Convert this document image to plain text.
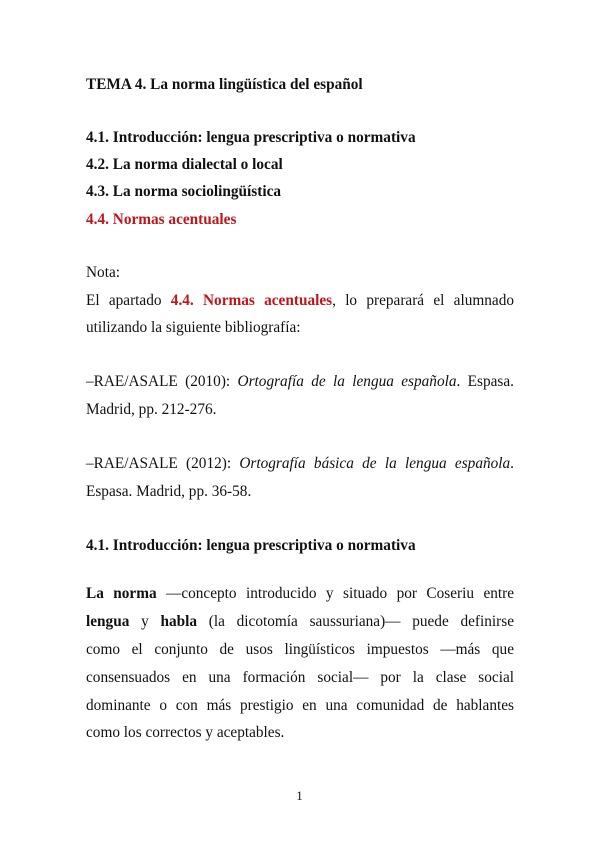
TEMA 4. La norma lingüística del español
4.1. Introducción: lengua prescriptiva o normativa
4.2. La norma dialectal o local
4.3. La norma sociolingüística
4.4. Normas acentuales
Nota:
El apartado 4.4. Normas acentuales, lo preparará el alumnado
utilizando la siguiente bibliografía:
–RAE/ASALE (2010): Ortografía de la lengua española. Espasa.
Madrid, pp. 212-276.
–RAE/ASALE (2012): Ortografía básica de la lengua española.
Espasa. Madrid, pp. 36-58.
4.1. Introducción: lengua prescriptiva o normativa
La norma —concepto introducido y situado por Coseriu entre
lengua y habla (la dicotomía saussuriana)— puede definirse
como el conjunto de usos lingüísticos impuestos —más que
consensuados en una formación social— por la clase social
dominante o con más prestigio en una comunidad de hablantes
como los correctos y aceptables.
1
